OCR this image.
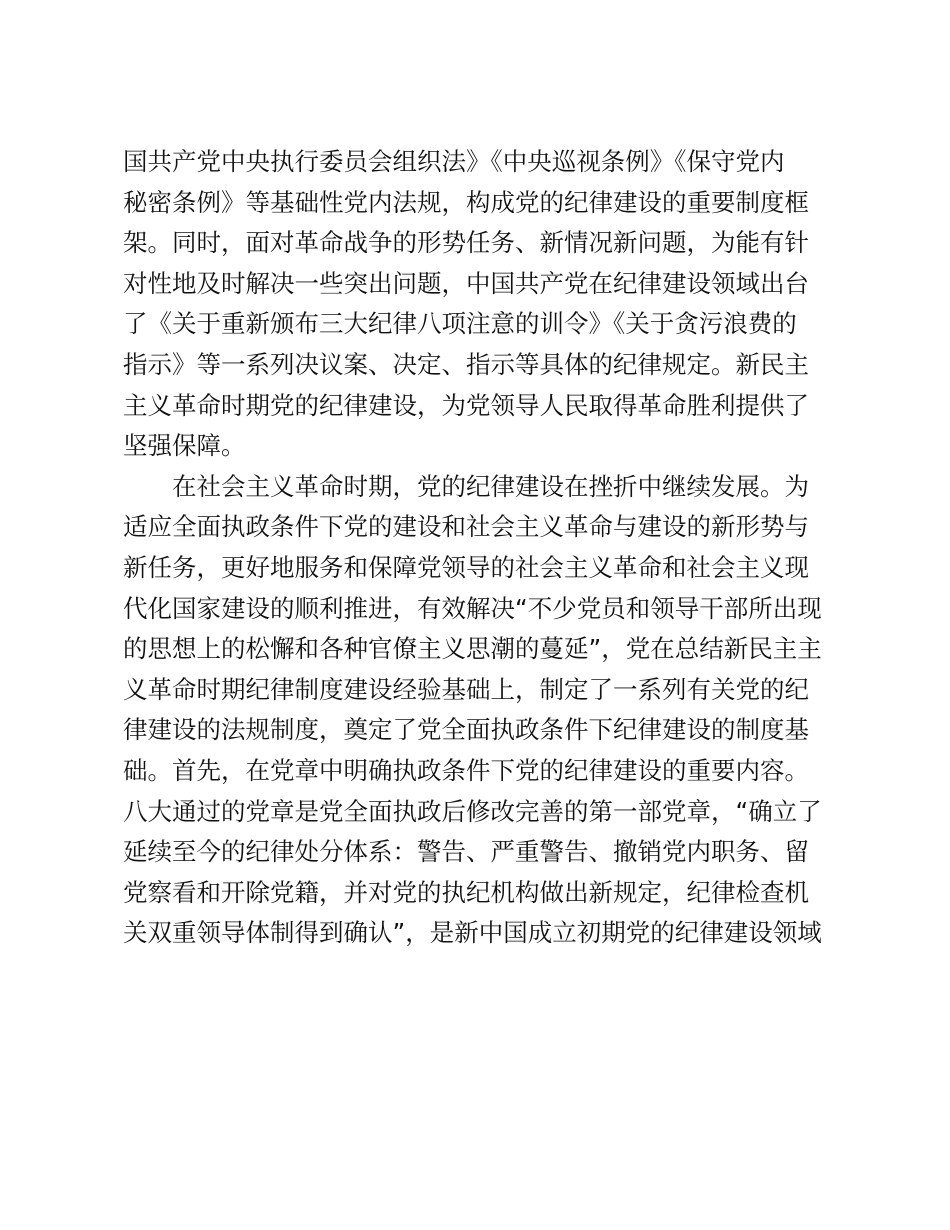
国共产党中央执行委员会组织法》《中央巡视条例》《保守党内

秘密条例》等基础性党内法规，构成党的纪律建设的重要制度框

架。同时，面对革命战争的形势任务、新情况新问题，为能有针

对性地及时解决一些突出问题，中国共产党在纪律建设领域出台

了《关于重新颁布三大纪律八项注意的训令》《关于贪污浪费的

指示》等一系列决议案、决定、指示等具体的纪律规定。新民主

主义革命时期党的纪律建设，为党领导人民取得革命胜利提供了

坚强保障。

　　在社会主义革命时期，党的纪律建设在挫折中继续发展。为

适应全面执政条件下党的建设和社会主义革命与建设的新形势与

新任务，更好地服务和保障党领导的社会主义革命和社会主义现

代化国家建设的顺利推进，有效解决“不少党员和领导干部所出现

的思想上的松懈和各种官僚主义思潮的蔓延”，党在总结新民主主

义革命时期纪律制度建设经验基础上，制定了一系列有关党的纪

律建设的法规制度，奠定了党全面执政条件下纪律建设的制度基

础。首先，在党章中明确执政条件下党的纪律建设的重要内容。

八大通过的党章是党全面执政后修改完善的第一部党章，“确立了

延续至今的纪律处分体系：警告、严重警告、撤销党内职务、留

党察看和开除党籍，并对党的执纪机构做出新规定，纪律检查机

关双重领导体制得到确认”，是新中国成立初期党的纪律建设领域
